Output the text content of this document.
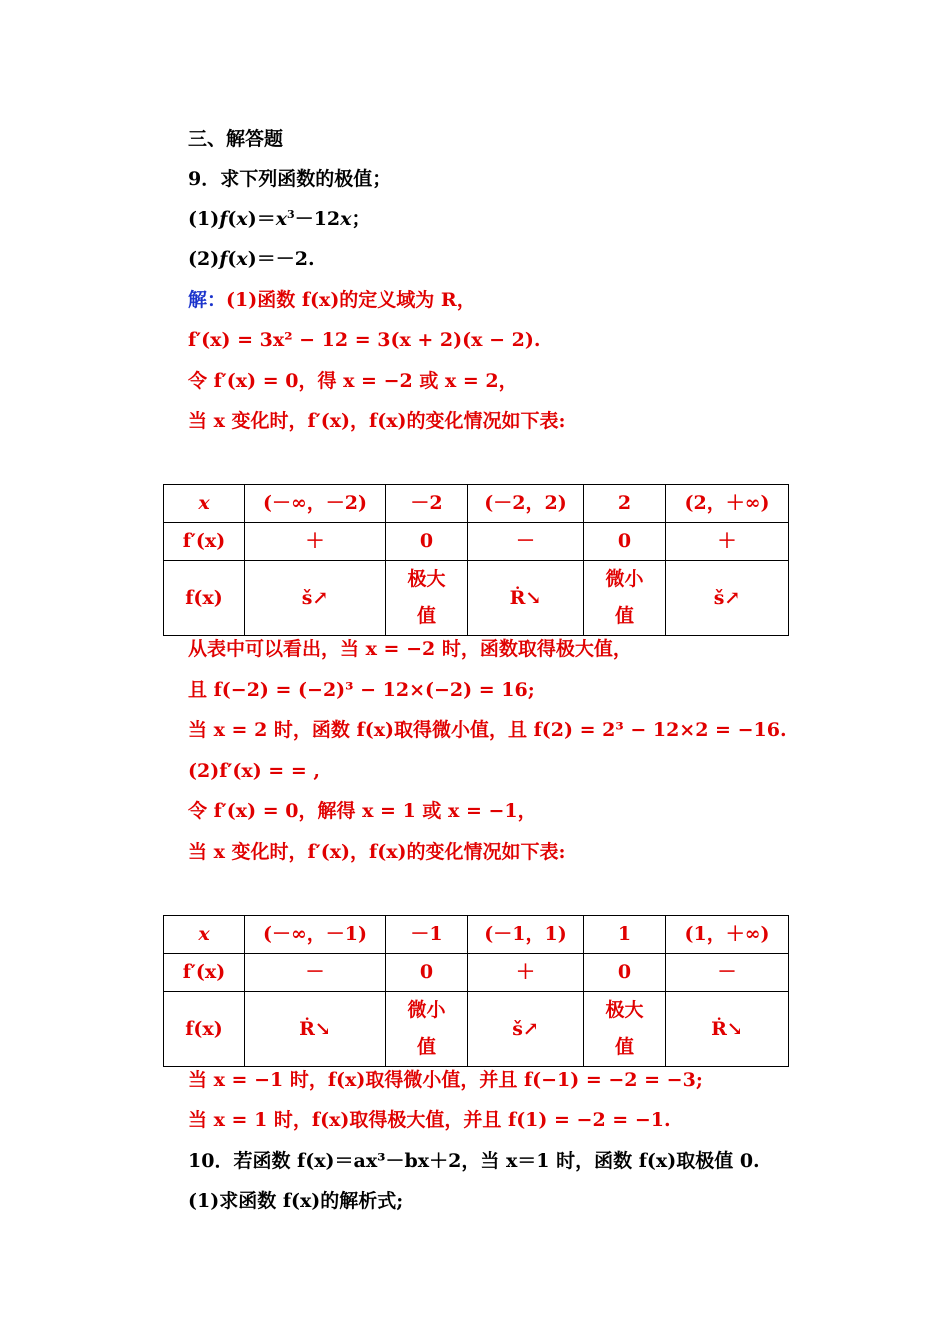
三、解答题
9．求下列函数的极值；
$(1)f(x)=x^3-12x$；
(2)f(x)＝－2.
解：(1)函数 f(x)的定义域为 R，
f′(x) = 3x² − 12 = 3(x + 2)(x − 2).
令 f′(x) = 0，得 x = −2 或 x = 2，
当 x 变化时，f′(x)，f(x)的变化情况如下表:
x	(－∞，－2)	－2	(－2，2)	2	(2，＋∞)
f′(x)	＋	0	－	0	＋
f(x)	š↗	极大值	Ṙ↘	微小值	š↗
从表中可以看出，当 x = −2 时，函数取得极大值，
且 f(−2) = (−2)³ − 12×(−2) = 16;
当 x = 2 时，函数 f(x)取得微小值，且 f(2) = 2³ − 12×2 = −16.
(2)f′(x) = = ,
令 f′(x) = 0，解得 x = 1 或 x = −1，
当 x 变化时，f′(x)，f(x)的变化情况如下表:
x	(－∞，－1)	－1	(－1，1)	1	(1，＋∞)
f′(x)	－	0	＋	0	－
f(x)	Ṙ↘	微小值	š↗	极大值	Ṙ↘
当 x = −1 时，f(x)取得微小值，并且 f(−1) = −2 = −3;
当 x = 1 时，f(x)取得极大值，并且 f(1) = −2 = −1.
10．若函数 f(x)＝ax³－bx＋2，当 x＝1 时，函数 f(x)取极值 0.
(1)求函数 f(x)的解析式;
